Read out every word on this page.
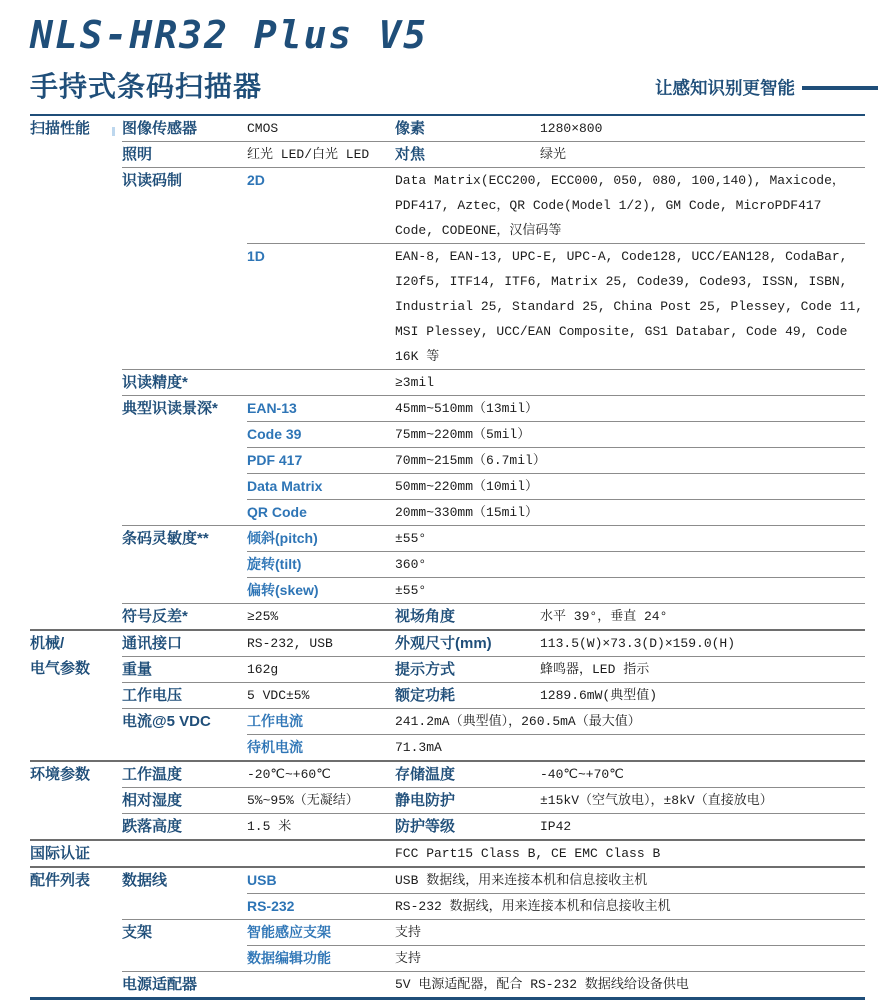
NLS-HR32 Plus V5
手持式条码扫描器	让感知识别更智能
扫描性能	图像传感器	CMOS	像素	1280×800
	照明	红光 LED/白光 LED	对焦	绿光
	识读码制	2D	Data Matrix(ECC200, ECC000, 050, 080, 100,140), Maxicode，PDF417, Aztec，QR Code(Model 1/2), GM Code, MicroPDF417 Code, CODEONE，汉信码等	
		1D	EAN-8, EAN-13, UPC-E, UPC-A, Code128, UCC/EAN128, CodaBar, I20f5, ITF14, ITF6, Matrix 25, Code39, Code93, ISSN, ISBN, Industrial 25, Standard 25, China Post 25, Plessey, Code 11, MSI Plessey, UCC/EAN Composite, GS1 Databar, Code 49, Code 16K 等	
	识读精度*		≥3mil	
	典型识读景深*	EAN-13	45mm~510mm（13mil）	
		Code 39	75mm~220mm（5mil）	
		PDF 417	70mm~215mm（6.7mil）	
		Data Matrix	50mm~220mm（10mil）	
		QR Code	20mm~330mm（15mil）	
	条码灵敏度**	倾斜(pitch)	±55°	
		旋转(tilt)	360°	
		偏转(skew)	±55°	
	符号反差*	≥25%	视场角度	水平 39°，垂直 24°

机械/
电气参数	通讯接口	RS-232, USB	外观尺寸(mm)	113.5(W)×73.3(D)×159.0(H)
	重量	162g	提示方式	蜂鸣器，LED 指示
	工作电压	5 VDC±5%	额定功耗	1289.6mW(典型值)
	电流@5 VDC	工作电流	241.2mA（典型值），260.5mA（最大值）	
		待机电流	71.3mA	
环境参数	工作温度	-20℃~+60℃	存储温度	-40℃~+70℃
	相对湿度	5%~95%（无凝结）	静电防护	±15kV（空气放电），±8kV（直接放电）
	跌落高度	1.5 米	防护等级	IP42
国际认证			FCC Part15 Class B, CE EMC Class B	
配件列表	数据线	USB	USB 数据线，用来连接本机和信息接收主机	
		RS-232	RS-232 数据线，用来连接本机和信息接收主机	
	支架	智能感应支架	支持	
		数据编辑功能	支持	
	电源适配器		5V 电源适配器，配合 RS-232 数据线给设备供电	
